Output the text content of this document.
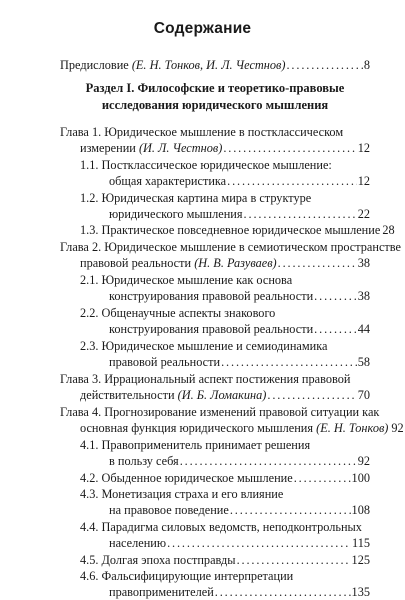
Содержание
Предисловие (Е. Н. Тонков, И. Л. Честнов) . . .	8
Раздел I. Философские и теоретико-правовые
исследования юридического мышления
Глава 1. Юридическое мышление в постклассическом
измерении (И. Л. Честнов) . . .	12
1.1. Постклассическое юридическое мышление:
общая характеристика . . .	12
1.2. Юридическая картина мира в структуре
юридического мышления . . .	22
1.3. Практическое повседневное юридическое мышление 28
Глава 2. Юридическое мышление в семиотическом пространстве
правовой реальности (Н. В. Разуваев) . . .	38
2.1. Юридическое мышление как основа
конструирования правовой реальности . . .	38
2.2. Общенаучные аспекты знакового
конструирования правовой реальности . . .	44
2.3. Юридическое мышление и семиодинамика
правовой реальности . . .	58
Глава 3. Иррациональный аспект постижения правовой
действительности (И. Б. Ломакина) . . .	70
Глава 4. Прогнозирование изменений правовой ситуации как
основная функция юридического мышления (Е. Н. Тонков) 92
4.1. Правоприменитель принимает решения
в пользу себя . . .	92
4.2. Обыденное юридическое мышление . . .	100
4.3. Монетизация страха и его влияние
на правовое поведение . . .	108
4.4. Парадигма силовых ведомств, неподконтрольных
населению . . .	115
4.5. Долгая эпоха постправды . . .	125
4.6. Фальсифицирующие интерпретации
правоприменителей . . .	135
